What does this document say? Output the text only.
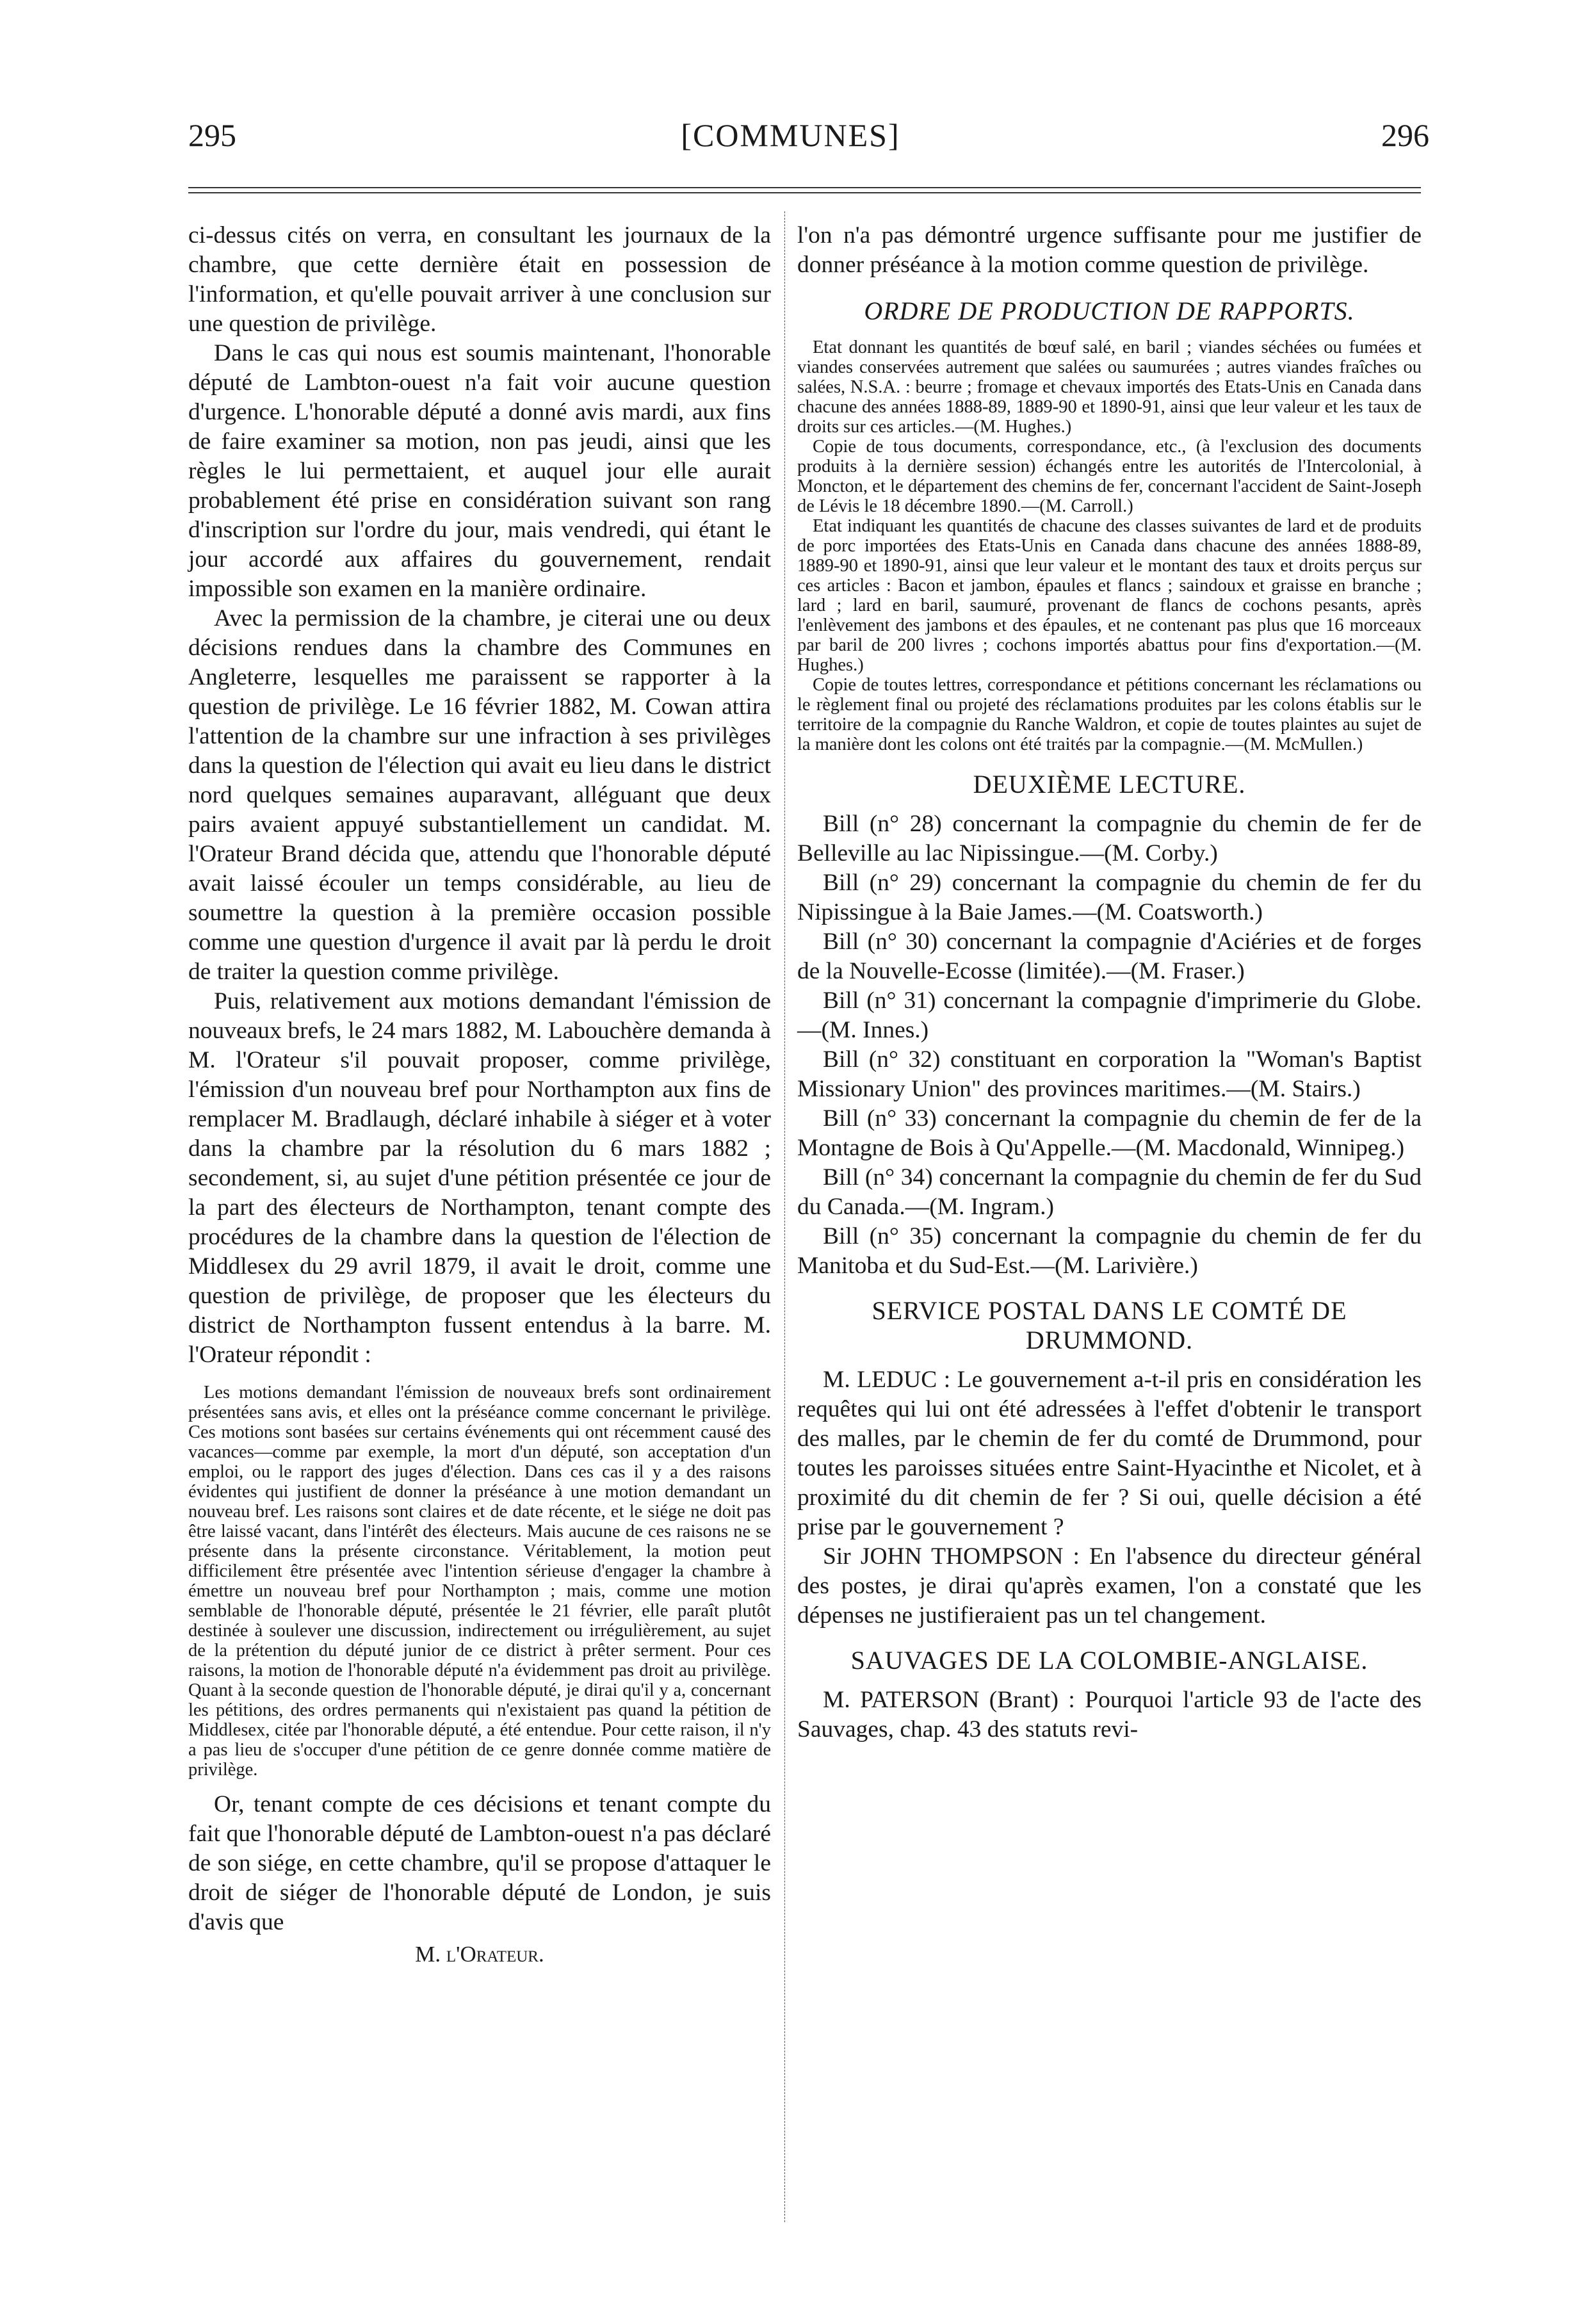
295	[COMMUNES]	296

ci-dessus cités on verra, en consultant les journaux de la chambre, que cette dernière était en possession de l'information, et qu'elle pouvait arriver à une conclusion sur une question de privilège.

Dans le cas qui nous est soumis maintenant, l'honorable député de Lambton-ouest n'a fait voir aucune question d'urgence. L'honorable député a donné avis mardi, aux fins de faire examiner sa motion, non pas jeudi, ainsi que les règles le lui permettaient, et auquel jour elle aurait probablement été prise en considération suivant son rang d'inscription sur l'ordre du jour, mais vendredi, qui étant le jour accordé aux affaires du gouvernement, rendait impossible son examen en la manière ordinaire.

Avec la permission de la chambre, je citerai une ou deux décisions rendues dans la chambre des Communes en Angleterre, lesquelles me paraissent se rapporter à la question de privilège. Le 16 février 1882, M. Cowan attira l'attention de la chambre sur une infraction à ses privilèges dans la question de l'élection qui avait eu lieu dans le district nord quelques semaines auparavant, alléguant que deux pairs avaient appuyé substantiellement un candidat. M. l'Orateur Brand décida que, attendu que l'honorable député avait laissé écouler un temps considérable, au lieu de soumettre la question à la première occasion possible comme une question d'urgence il avait par là perdu le droit de traiter la question comme privilège.

Puis, relativement aux motions demandant l'émission de nouveaux brefs, le 24 mars 1882, M. Labouchère demanda à M. l'Orateur s'il pouvait proposer, comme privilège, l'émission d'un nouveau bref pour Northampton aux fins de remplacer M. Bradlaugh, déclaré inhabile à siéger et à voter dans la chambre par la résolution du 6 mars 1882 ; secondement, si, au sujet d'une pétition présentée ce jour de la part des électeurs de Northampton, tenant compte des procédures de la chambre dans la question de l'élection de Middlesex du 29 avril 1879, il avait le droit, comme une question de privilège, de proposer que les électeurs du district de Northampton fussent entendus à la barre. M. l'Orateur répondit :

Les motions demandant l'émission de nouveaux brefs sont ordinairement présentées sans avis, et elles ont la préséance comme concernant le privilège. Ces motions sont basées sur certains événements qui ont récemment causé des vacances—comme par exemple, la mort d'un député, son acceptation d'un emploi, ou le rapport des juges d'élection. Dans ces cas il y a des raisons évidentes qui justifient de donner la préséance à une motion demandant un nouveau bref. Les raisons sont claires et de date récente, et le siége ne doit pas être laissé vacant, dans l'intérêt des électeurs. Mais aucune de ces raisons ne se présente dans la présente circonstance. Véritablement, la motion peut difficilement être présentée avec l'intention sérieuse d'engager la chambre à émettre un nouveau bref pour Northampton ; mais, comme une motion semblable de l'honorable député, présentée le 21 février, elle paraît plutôt destinée à soulever une discussion, indirectement ou irrégulièrement, au sujet de la prétention du député junior de ce district à prêter serment. Pour ces raisons, la motion de l'honorable député n'a évidemment pas droit au privilège. Quant à la seconde question de l'honorable député, je dirai qu'il y a, concernant les pétitions, des ordres permanents qui n'existaient pas quand la pétition de Middlesex, citée par l'honorable député, a été entendue. Pour cette raison, il n'y a pas lieu de s'occuper d'une pétition de ce genre donnée comme matière de privilège.

Or, tenant compte de ces décisions et tenant compte du fait que l'honorable député de Lambton-ouest n'a pas déclaré de son siége, en cette chambre, qu'il se propose d'attaquer le droit de siéger de l'honorable député de London, je suis d'avis que

M. l'Orateur.

l'on n'a pas démontré urgence suffisante pour me justifier de donner préséance à la motion comme question de privilège.

ORDRE DE PRODUCTION DE RAPPORTS.

Etat donnant les quantités de bœuf salé, en baril ; viandes séchées ou fumées et viandes conservées autrement que salées ou saumurées ; autres viandes fraîches ou salées, N.S.A. : beurre ; fromage et chevaux importés des Etats-Unis en Canada dans chacune des années 1888-89, 1889-90 et 1890-91, ainsi que leur valeur et les taux de droits sur ces articles.—(M. Hughes.)

Copie de tous documents, correspondance, etc., (à l'exclusion des documents produits à la dernière session) échangés entre les autorités de l'Intercolonial, à Moncton, et le département des chemins de fer, concernant l'accident de Saint-Joseph de Lévis le 18 décembre 1890.—(M. Carroll.)

Etat indiquant les quantités de chacune des classes suivantes de lard et de produits de porc importées des Etats-Unis en Canada dans chacune des années 1888-89, 1889-90 et 1890-91, ainsi que leur valeur et le montant des taux et droits perçus sur ces articles : Bacon et jambon, épaules et flancs ; saindoux et graisse en branche ; lard ; lard en baril, saumuré, provenant de flancs de cochons pesants, après l'enlèvement des jambons et des épaules, et ne contenant pas plus que 16 morceaux par baril de 200 livres ; cochons importés abattus pour fins d'exportation.—(M. Hughes.)

Copie de toutes lettres, correspondance et pétitions concernant les réclamations ou le règlement final ou projeté des réclamations produites par les colons établis sur le territoire de la compagnie du Ranche Waldron, et copie de toutes plaintes au sujet de la manière dont les colons ont été traités par la compagnie.—(M. McMullen.)

DEUXIÈME LECTURE.

Bill (n° 28) concernant la compagnie du chemin de fer de Belleville au lac Nipissingue.—(M. Corby.)

Bill (n° 29) concernant la compagnie du chemin de fer du Nipissingue à la Baie James.—(M. Coatsworth.)

Bill (n° 30) concernant la compagnie d'Aciéries et de forges de la Nouvelle-Ecosse (limitée).—(M. Fraser.)

Bill (n° 31) concernant la compagnie d'imprimerie du Globe.—(M. Innes.)

Bill (n° 32) constituant en corporation la "Woman's Baptist Missionary Union" des provinces maritimes.—(M. Stairs.)

Bill (n° 33) concernant la compagnie du chemin de fer de la Montagne de Bois à Qu'Appelle.—(M. Macdonald, Winnipeg.)

Bill (n° 34) concernant la compagnie du chemin de fer du Sud du Canada.—(M. Ingram.)

Bill (n° 35) concernant la compagnie du chemin de fer du Manitoba et du Sud-Est.—(M. Larivière.)

SERVICE POSTAL DANS LE COMTÉ DE DRUMMOND.

M. LEDUC : Le gouvernement a-t-il pris en considération les requêtes qui lui ont été adressées à l'effet d'obtenir le transport des malles, par le chemin de fer du comté de Drummond, pour toutes les paroisses situées entre Saint-Hyacinthe et Nicolet, et à proximité du dit chemin de fer ? Si oui, quelle décision a été prise par le gouvernement ?

Sir JOHN THOMPSON : En l'absence du directeur général des postes, je dirai qu'après examen, l'on a constaté que les dépenses ne justifieraient pas un tel changement.

SAUVAGES DE LA COLOMBIE-ANGLAISE.

M. PATERSON (Brant) : Pourquoi l'article 93 de l'acte des Sauvages, chap. 43 des statuts revi-
